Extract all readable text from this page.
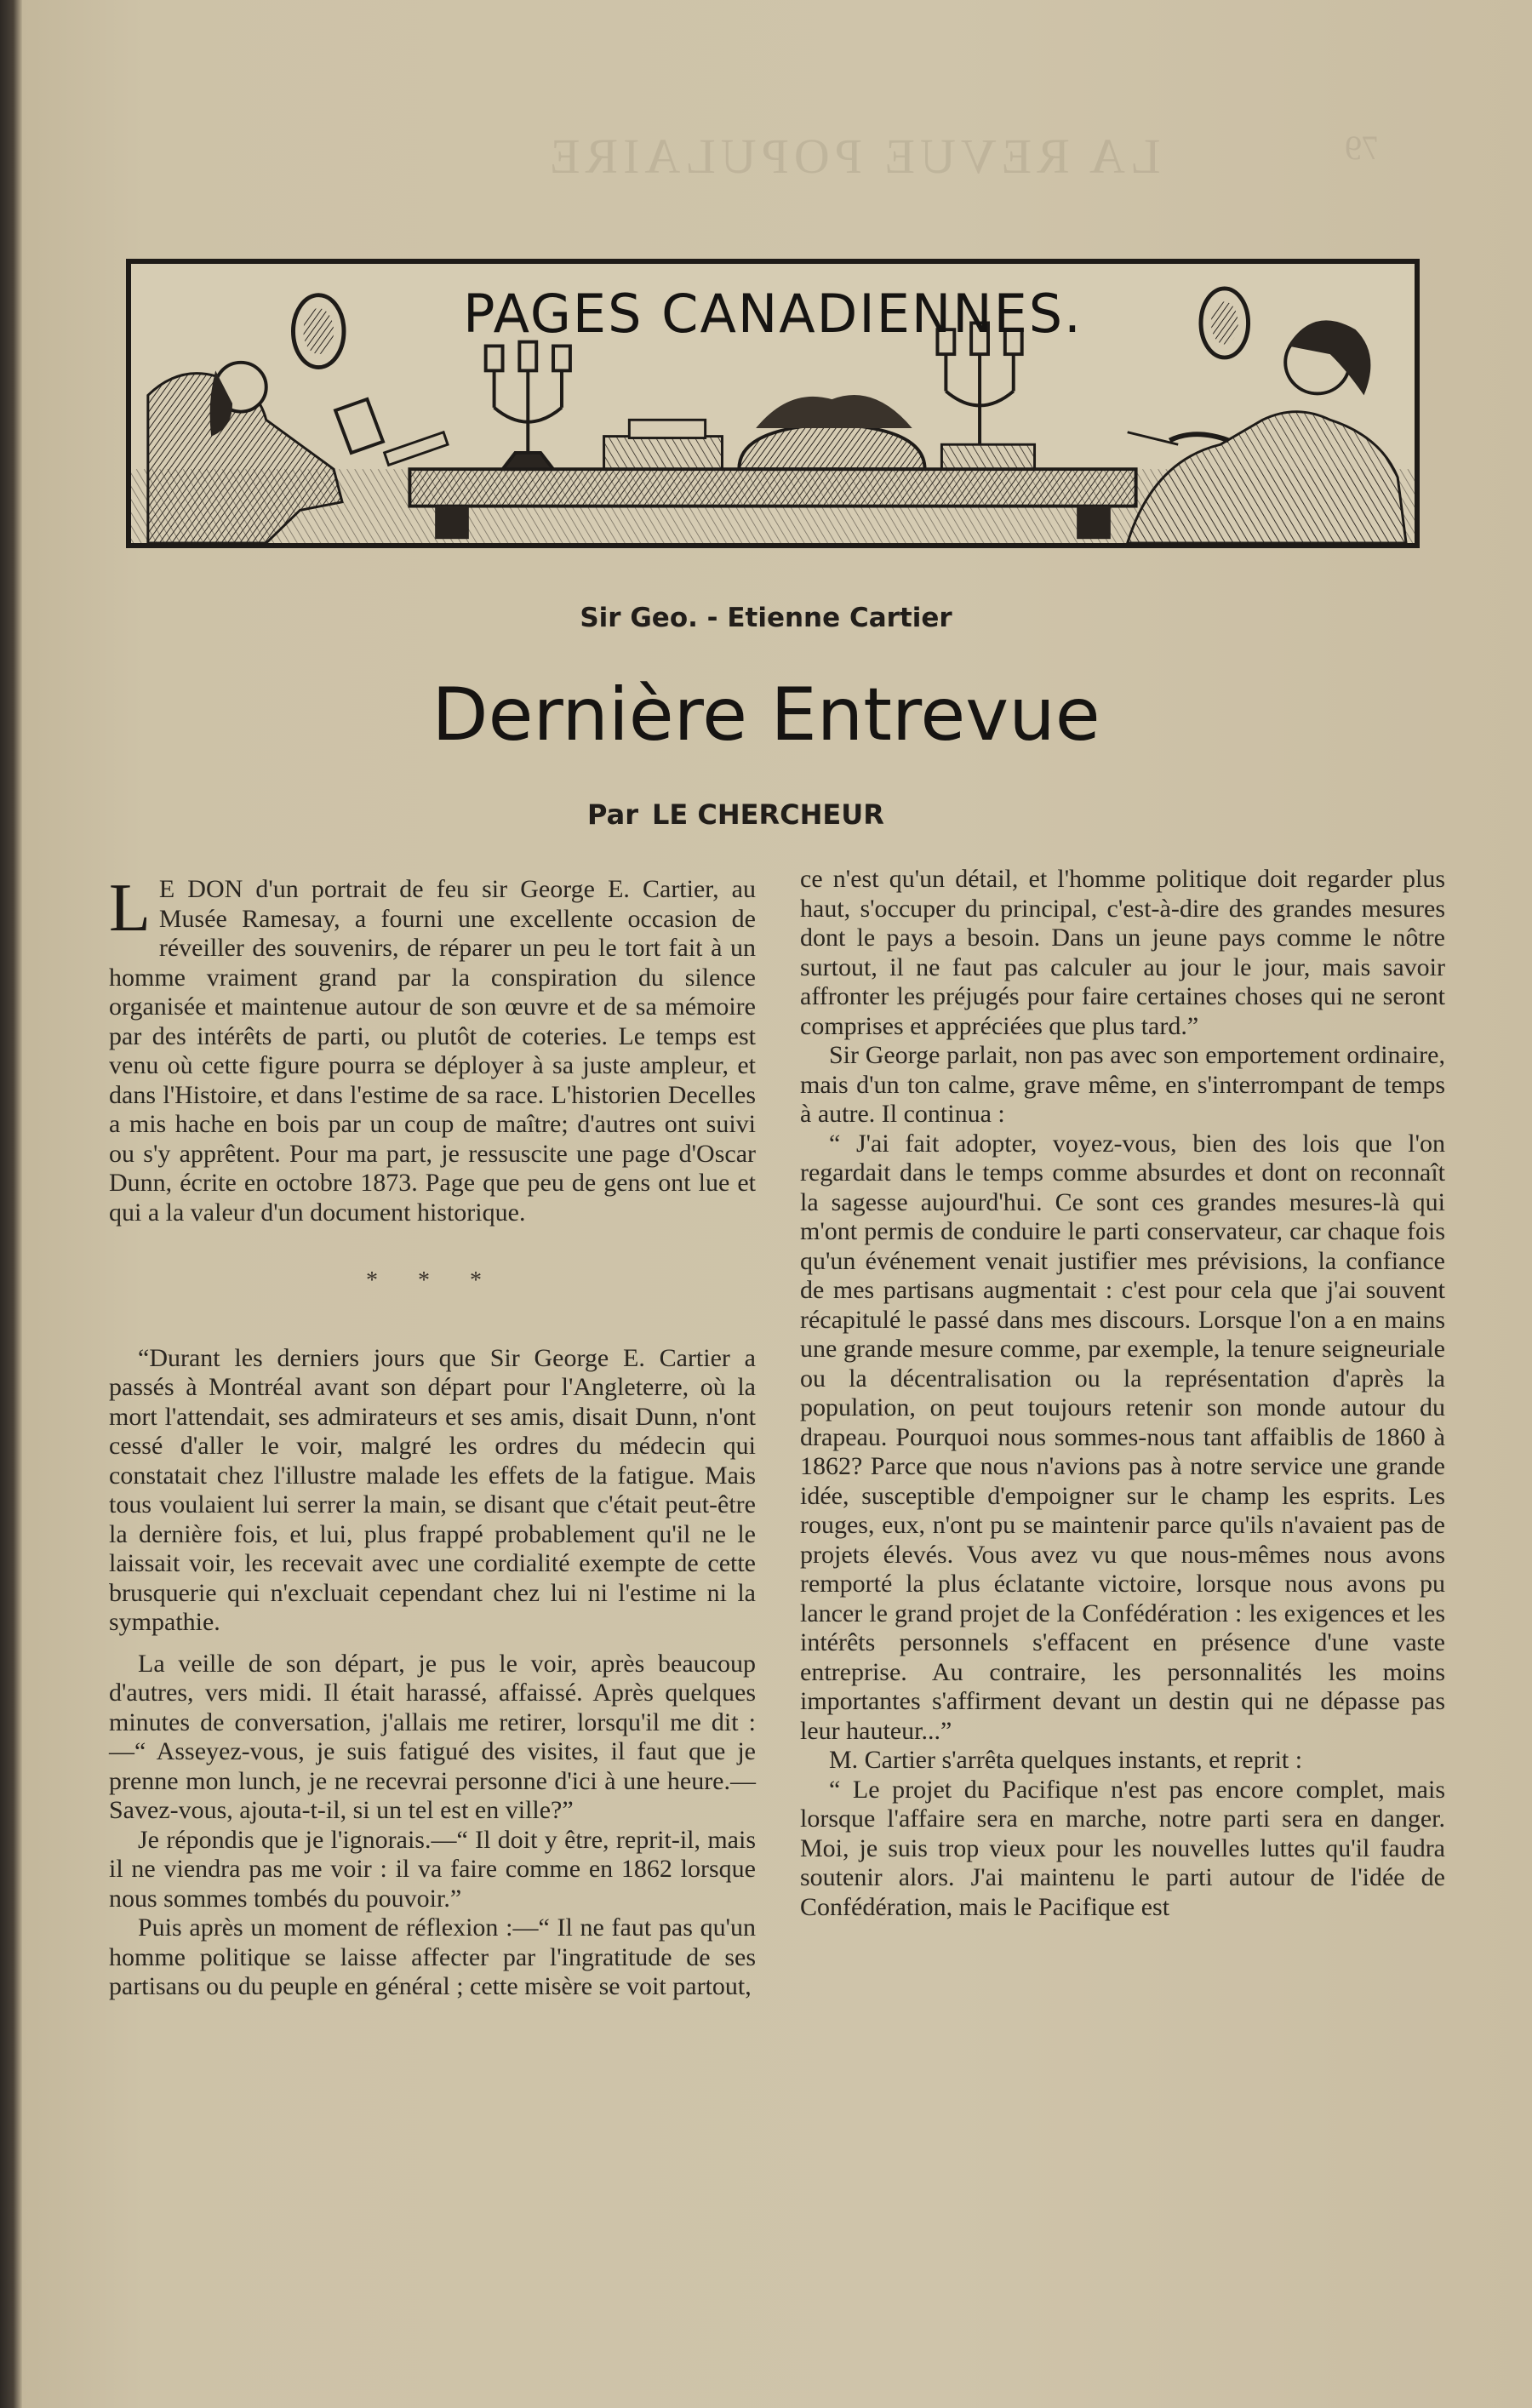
LA REVUE POPULAIRE	79
PAGES CANADIENNES.
Sir Geo. - Etienne Cartier
Dernière Entrevue
Par LE CHERCHEUR

L E DON d'un portrait de feu sir George E. Cartier, au Musée Ramesay, a fourni une excellente occasion de réveiller des souvenirs, de réparer un peu le tort fait à un homme vraiment grand par la conspiration du silence organisée et maintenue autour de son œuvre et de sa mémoire par des intérêts de parti, ou plutôt de coteries. Le temps est venu où cette figure pourra se déployer à sa juste ampleur, et dans l'Histoire, et dans l'estime de sa race. L'historien Decelles a mis hache en bois par un coup de maître; d'autres ont suivi ou s'y apprêtent. Pour ma part, je ressuscite une page d'Oscar Dunn, écrite en octobre 1873. Page que peu de gens ont lue et qui a la valeur d'un document historique.

* * *

“Durant les derniers jours que Sir George E. Cartier a passés à Montréal avant son départ pour l'Angleterre, où la mort l'attendait, ses admirateurs et ses amis, disait Dunn, n'ont cessé d'aller le voir, malgré les ordres du médecin qui constatait chez l'illustre malade les effets de la fatigue. Mais tous voulaient lui serrer la main, se disant que c'était peut-être la dernière fois, et lui, plus frappé probablement qu'il ne le laissait voir, les recevait avec une cordialité exempte de cette brusquerie qui n'excluait cependant chez lui ni l'estime ni la sympathie.

La veille de son départ, je pus le voir, après beaucoup d'autres, vers midi. Il était harassé, affaissé. Après quelques minutes de conversation, j'allais me retirer, lorsqu'il me dit :—“ Asseyez-vous, je suis fatigué des visites, il faut que je prenne mon lunch, je ne recevrai personne d'ici à une heure.—Savez-vous, ajouta-t-il, si un tel est en ville?”

Je répondis que je l'ignorais.—“ Il doit y être, reprit-il, mais il ne viendra pas me voir : il va faire comme en 1862 lorsque nous sommes tombés du pouvoir.”

Puis après un moment de réflexion :—“ Il ne faut pas qu'un homme politique se laisse affecter par l'ingratitude de ses partisans ou du peuple en général ; cette misère se voit partout,

ce n'est qu'un détail, et l'homme politique doit regarder plus haut, s'occuper du principal, c'est-à-dire des grandes mesures dont le pays a besoin. Dans un jeune pays comme le nôtre surtout, il ne faut pas calculer au jour le jour, mais savoir affronter les préjugés pour faire certaines choses qui ne seront comprises et appréciées que plus tard.”

Sir George parlait, non pas avec son emportement ordinaire, mais d'un ton calme, grave même, en s'interrompant de temps à autre. Il continua :

“ J'ai fait adopter, voyez-vous, bien des lois que l'on regardait dans le temps comme absurdes et dont on reconnaît la sagesse aujourd'hui. Ce sont ces grandes mesures-là qui m'ont permis de conduire le parti conservateur, car chaque fois qu'un événement venait justifier mes prévisions, la confiance de mes partisans augmentait : c'est pour cela que j'ai souvent récapitulé le passé dans mes discours. Lorsque l'on a en mains une grande mesure comme, par exemple, la tenure seigneuriale ou la décentralisation ou la représentation d'après la population, on peut toujours retenir son monde autour du drapeau. Pourquoi nous sommes-nous tant affaiblis de 1860 à 1862? Parce que nous n'avions pas à notre service une grande idée, susceptible d'empoigner sur le champ les esprits. Les rouges, eux, n'ont pu se maintenir parce qu'ils n'avaient pas de projets élevés. Vous avez vu que nous-mêmes nous avons remporté la plus éclatante victoire, lorsque nous avons pu lancer le grand projet de la Confédération : les exigences et les intérêts personnels s'effacent en présence d'une vaste entreprise. Au contraire, les personnalités les moins importantes s'affirment devant un destin qui ne dépasse pas leur hauteur...”

M. Cartier s'arrêta quelques instants, et reprit :

“ Le projet du Pacifique n'est pas encore complet, mais lorsque l'affaire sera en marche, notre parti sera en danger. Moi, je suis trop vieux pour les nouvelles luttes qu'il faudra soutenir alors. J'ai maintenu le parti autour de l'idée de Confédération, mais le Pacifique est
